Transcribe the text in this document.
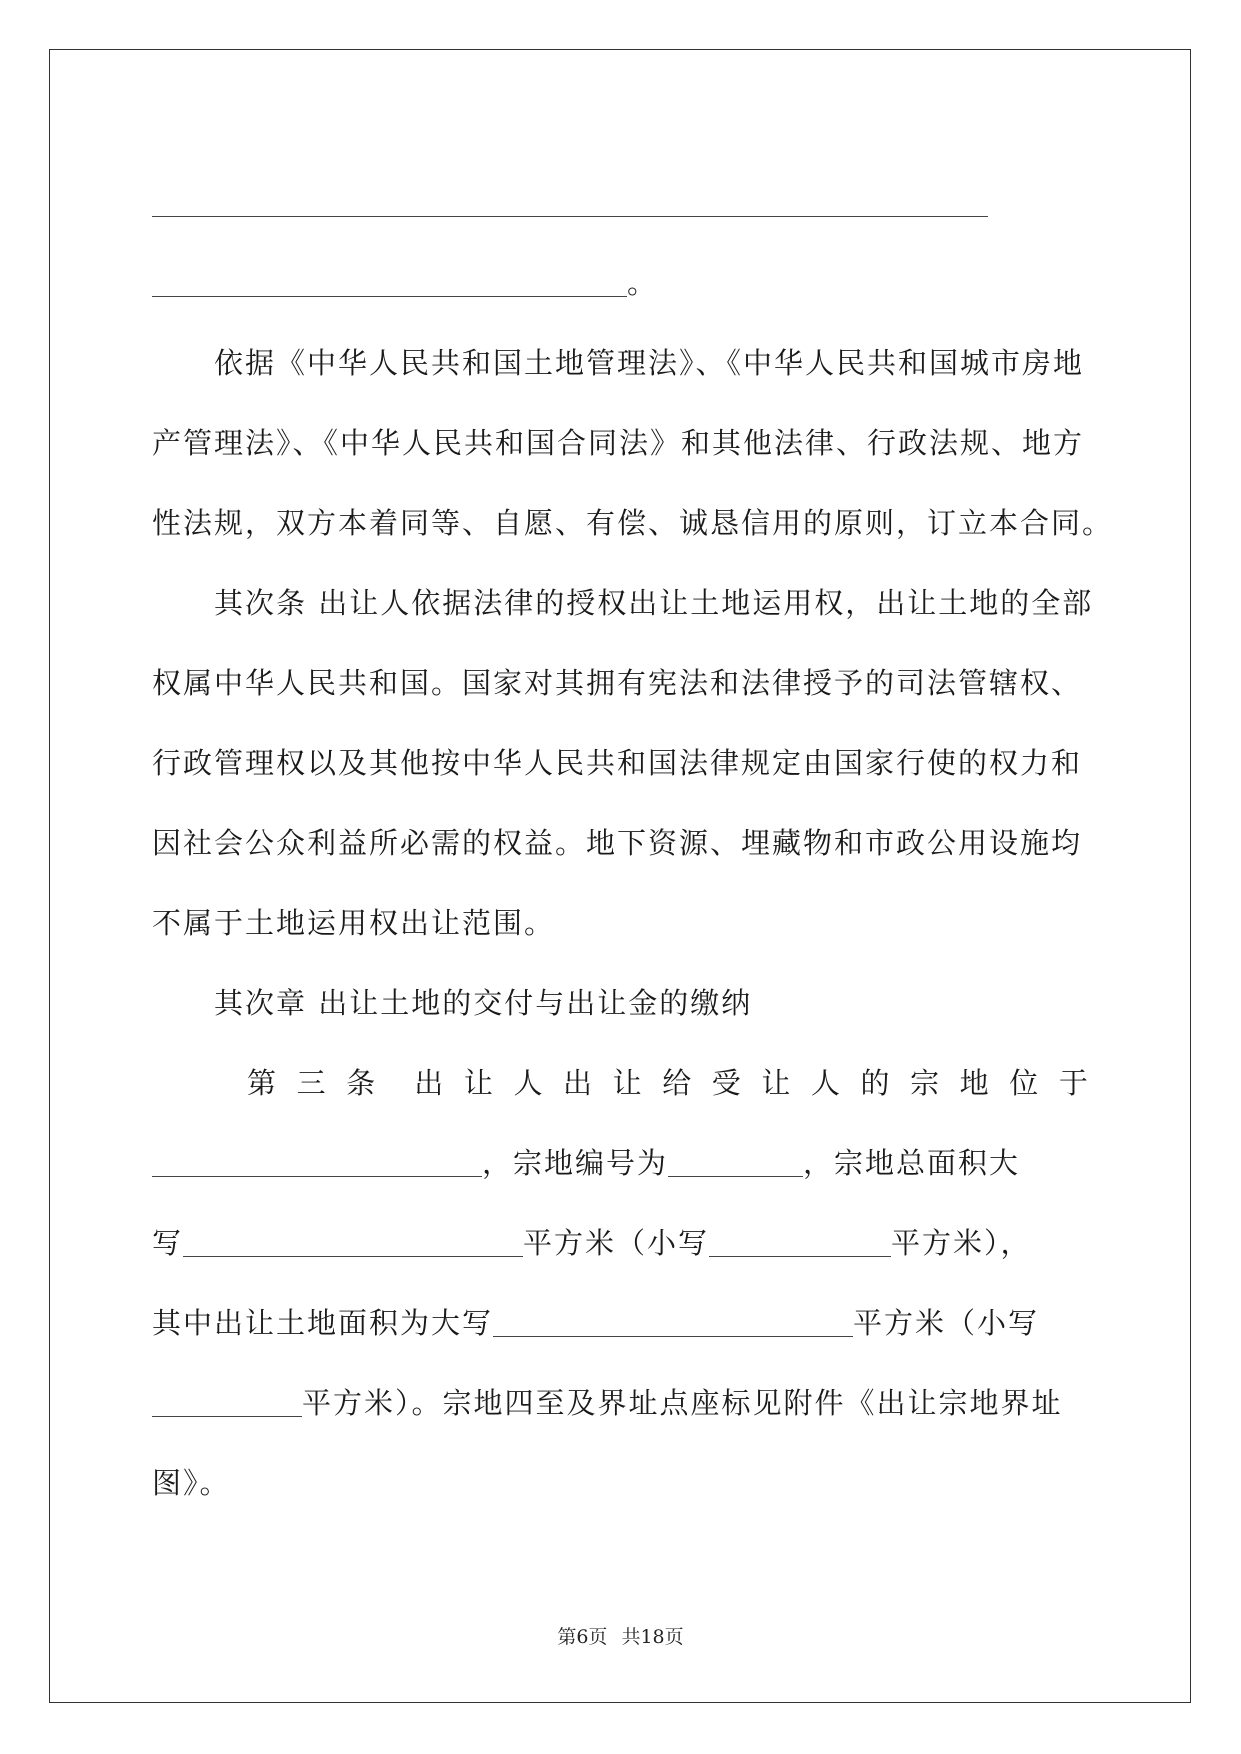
。
依据《中华人民共和国土地管理法》、《中华人民共和国城市房地
产管理法》、《中华人民共和国合同法》和其他法律、行政法规、地方
性法规，双方本着同等、自愿、有偿、诚恳信用的原则，订立本合同。
其次条 出让人依据法律的授权出让土地运用权，出让土地的全部
权属中华人民共和国。国家对其拥有宪法和法律授予的司法管辖权、
行政管理权以及其他按中华人民共和国法律规定由国家行使的权力和
因社会公众利益所必需的权益。地下资源、埋藏物和市政公用设施均
不属于土地运用权出让范围。
其次章 出让土地的交付与出让金的缴纳
第 三 条 出 让 人 出 让 给 受 让 人 的 宗 地 位 于
，宗地编号为	，宗地总面积大
写	平方米（小写	平方米），
其中出让土地面积为大写	平方米（小写
平方米）。宗地四至及界址点座标见附件《出让宗地界址
图》。
第6页 共18页
